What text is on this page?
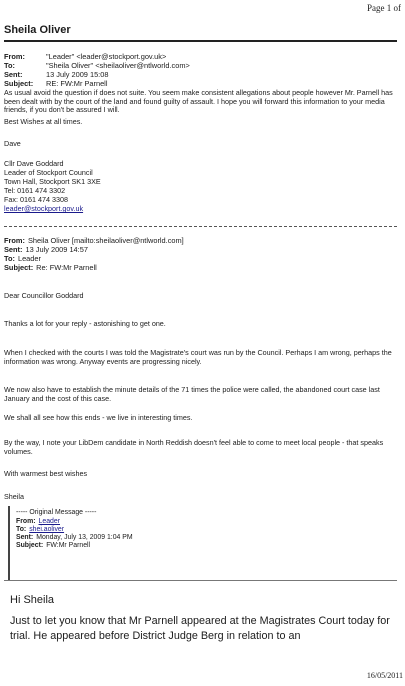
Page 1 of
Sheila Oliver
From:	"Leader" <leader@stockport.gov.uk>
To:	"Sheila Oliver" <sheilaoliver@ntlworld.com>
Sent:	13 July 2009 15:08
Subject: RE: FW:Mr Parnell
As usual avoid the question if does not suite. You seem make consistent allegations about people however Mr. Parnell has been dealt with by the court of the land and found guilty of assault. I hope you will forward this information to your media friends, if you don't be assured I will.
Best Wishes at all times.
Dave
Cllr Dave Goddard
Leader of Stockport Council
Town Hall, Stockport SK1 3XE
Tel: 0161 474 3302
Fax: 0161 474 3308
leader@stockport.gov.uk
From: Sheila Oliver [mailto:sheilaoliver@ntlworld.com]
Sent: 13 July 2009 14:57
To: Leader
Subject: Re: FW:Mr Parnell
Dear Councillor Goddard
Thanks a lot for your reply - astonishing to get one.
When I checked with the courts I was told the Magistrate's court was run by the Council. Perhaps I am wrong, perhaps the information was wrong. Anyway events are progressing nicely.
We now also have to establish the minute details of the 71 times the police were called, the abandoned court case last January and the cost of this case.
We shall all see how this ends - we live in interesting times.
By the way, I note your LibDem candidate in North Reddish doesn't feel able to come to meet local people - that speaks volumes.
With warmest best wishes
Sheila
----- Original Message -----
From: Leader
To: shei.aoliver
Sent: Monday, July 13, 2009 1:04 PM
Subject: FW:Mr Parnell
Hi Sheila
Just to let you know that Mr Parnell appeared at the Magistrates Court today for trial. He appeared before District Judge Berg in relation to an
16/05/2011
